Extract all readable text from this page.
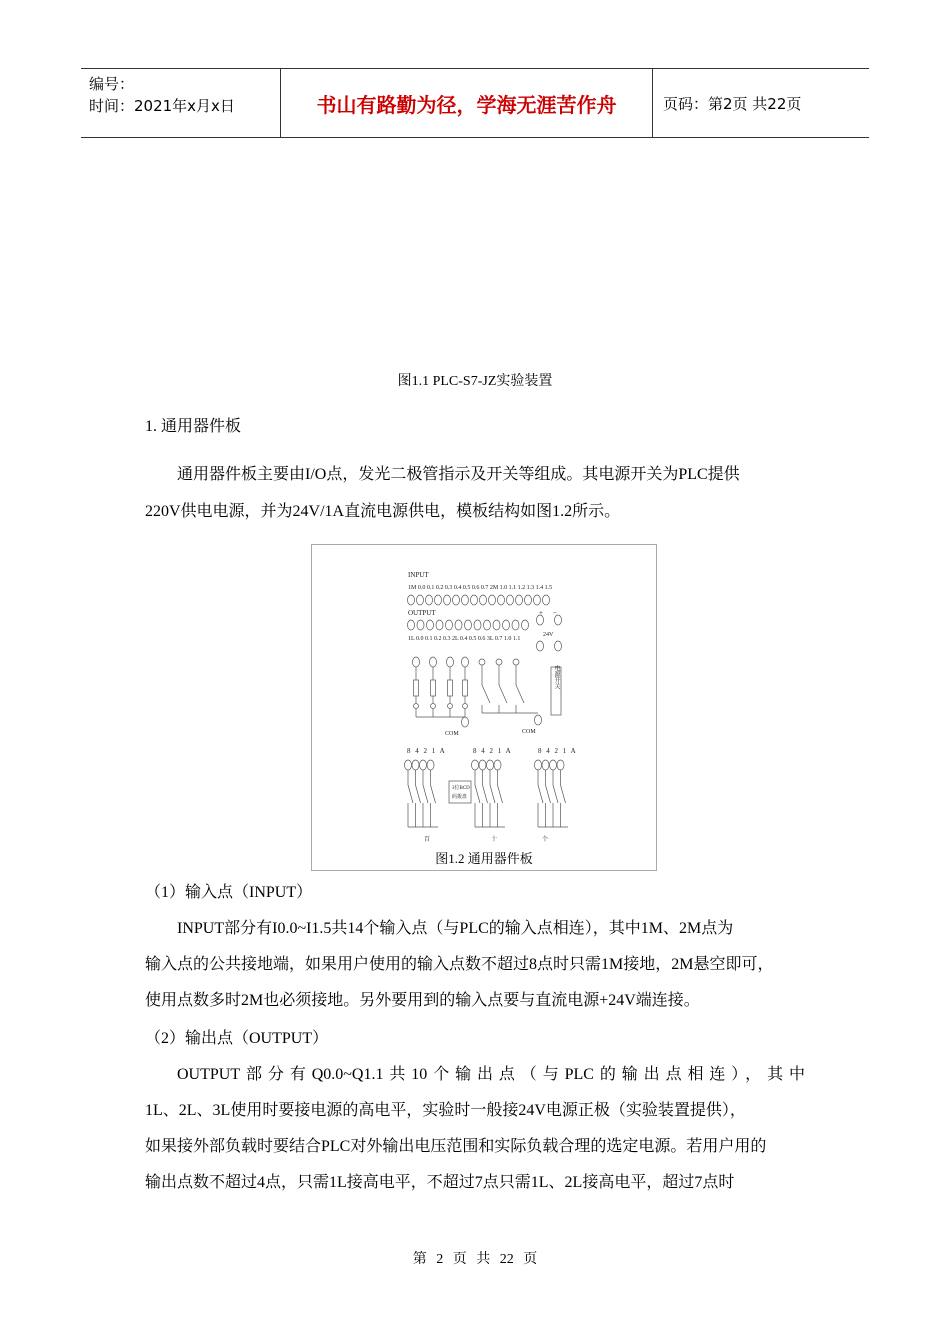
编号：
时间：2021年x月x日	书山有路勤为径，学海无涯苦作舟	页码：第2页 共22页
图1.1 PLC-S7-JZ实验装置
1. 通用器件板
通用器件板主要由I/O点，发光二极管指示及开关等组成。其电源开关为PLC提供
220V供电电源，并为24V/1A直流电源供电，模板结构如图1.2所示。
INPUT
1M 0.0 0.1 0.2 0.3 0.4 0.5 0.6 0.7 2M 1.0 1.1 1.2 1.3 1.4 1.5
OUTPUT
1L 0.0 0.1 0.2 0.3 2L 0.4 0.5 0.6 3L 0.7 1.0 1.1
+ −
24V
COM	COM
8 4 2 1 A	8 4 2 1 A	8 4 2 1 A
3位BCD
码拨盘
百	十	个
电源开关
图1.2 通用器件板
（1）输入点（INPUT）
INPUT部分有I0.0~I1.5共14个输入点（与PLC的输入点相连），其中1M、2M点为
输入点的公共接地端，如果用户使用的输入点数不超过8点时只需1M接地，2M悬空即可，
使用点数多时2M也必须接地。另外要用到的输入点要与直流电源+24V端连接。
（2）输出点（OUTPUT）
OUTPUT部分有Q0.0~Q1.1共10个输出点（与PLC的输出点相连），其中
1L、2L、3L使用时要接电源的高电平，实验时一般接24V电源正极（实验装置提供），
如果接外部负载时要结合PLC对外输出电压范围和实际负载合理的选定电源。若用户用的
输出点数不超过4点，只需1L接高电平，不超过7点只需1L、2L接高电平，超过7点时
第 2 页 共 22 页
